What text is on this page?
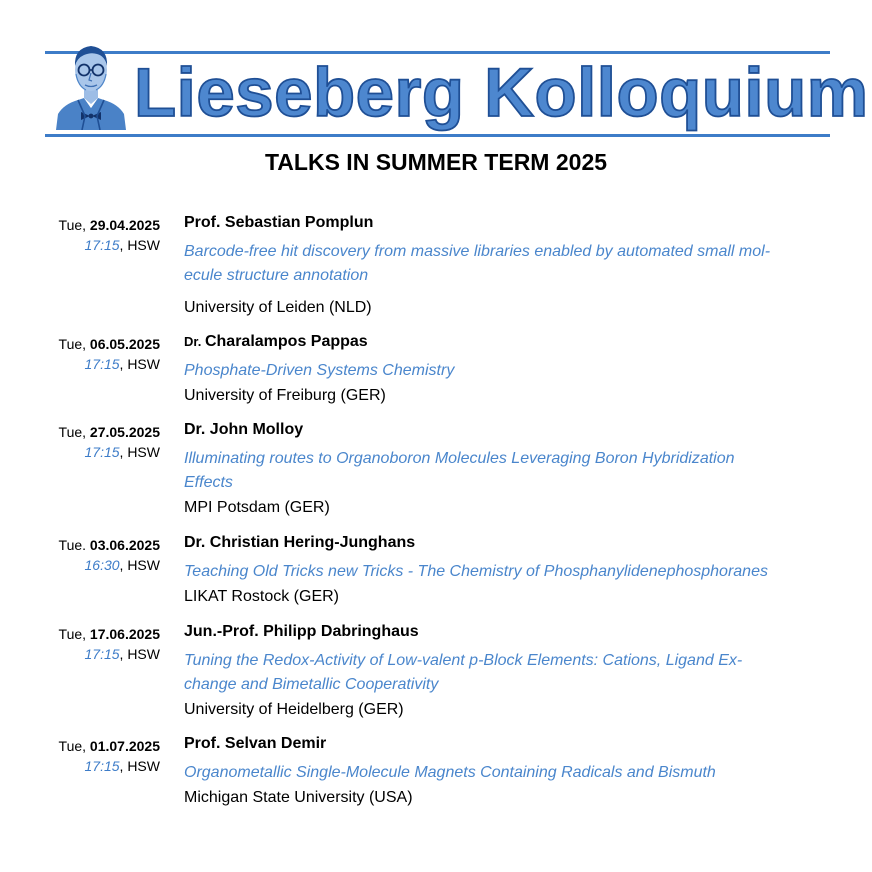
Lieseberg Kolloquium
TALKS IN SUMMER TERM 2025
Tue, 29.04.2025
17:15, HSW
Prof. Sebastian Pomplun
Barcode-free hit discovery from massive libraries enabled by automated small mol-
ecule structure annotation
University of Leiden (NLD)
Tue, 06.05.2025
17:15, HSW
Dr. Charalampos Pappas
Phosphate-Driven Systems Chemistry
University of Freiburg (GER)
Tue, 27.05.2025
17:15, HSW
Dr. John Molloy
Illuminating routes to Organoboron Molecules Leveraging Boron Hybridization
Effects
MPI Potsdam (GER)
Tue. 03.06.2025
16:30, HSW
Dr. Christian Hering-Junghans
Teaching Old Tricks new Tricks - The Chemistry of Phosphanylidenephosphoranes
LIKAT Rostock (GER)
Tue, 17.06.2025
17:15, HSW
Jun.-Prof. Philipp Dabringhaus
Tuning the Redox-Activity of Low-valent p-Block Elements: Cations, Ligand Ex-
change and Bimetallic Cooperativity
University of Heidelberg (GER)
Tue, 01.07.2025
17:15, HSW
Prof. Selvan Demir
Organometallic Single-Molecule Magnets Containing Radicals and Bismuth
Michigan State University (USA)
